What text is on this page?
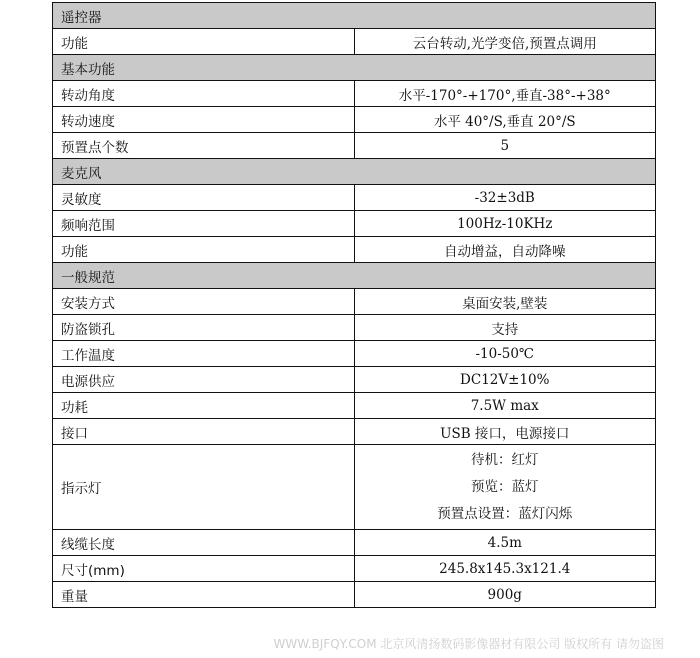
遥控器	
功能	云台转动,光学变倍,预置点调用
基本功能	
转动角度	水平-170°-+170°,垂直-38°-+38°
转动速度	水平 40°/S,垂直 20°/S
预置点个数	5
麦克风	
灵敏度	-32±3dB
频响范围	100Hz-10KHz
功能	自动增益，自动降噪
一般规范	
安装方式	桌面安装,壁装
防盗锁孔	支持
工作温度	-10-50℃
电源供应	DC12V±10%
功耗	7.5W max
接口	USB 接口，电源接口
指示灯	待机：红灯
预览：蓝灯
预置点设置：蓝灯闪烁

线缆长度	4.5m
尺寸(mm)	245.8x145.3x121.4
重量	900g
WWW.BJFQY.COM 北京风清扬数码影像器材有限公司 版权所有 请勿盗图
